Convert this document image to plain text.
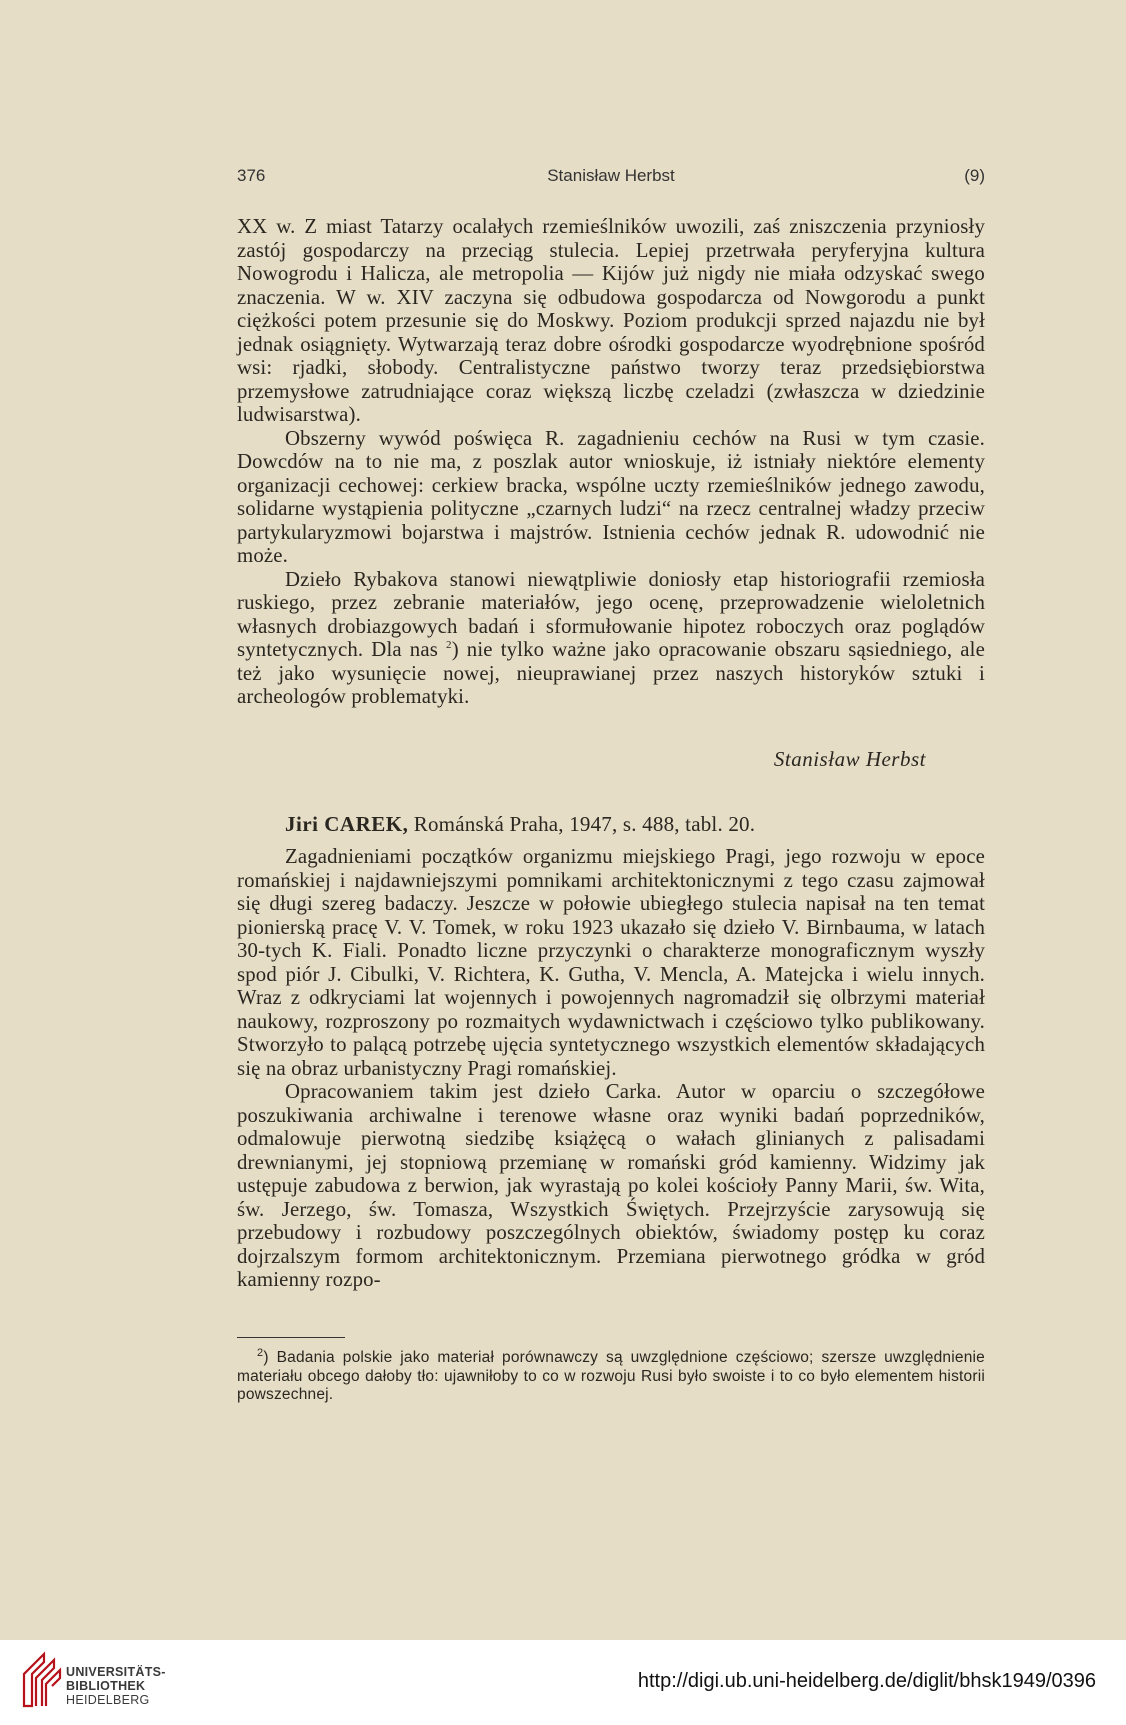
376	Stanisław Herbst	(9)

XX w. Z miast Tatarzy ocalałych rzemieślników uwozili, zaś zniszczenia przyniosły zastój gospodarczy na przeciąg stulecia. Lepiej przetrwała peryferyjna kultura Nowogrodu i Halicza, ale metropolia — Kijów już nigdy nie miała odzyskać swego znaczenia. W w. XIV zaczyna się odbudowa gospodarcza od Nowgorodu a punkt ciężkości potem przesunie się do Moskwy. Poziom produkcji sprzed najazdu nie był jednak osiągnięty. Wytwarzają teraz dobre ośrodki gospodarcze wyodrębnione spośród wsi: rjadki, słobody. Centralistyczne państwo tworzy teraz przedsiębiorstwa przemysłowe zatrudniające coraz większą liczbę czeladzi (zwłaszcza w dziedzinie ludwisarstwa).

Obszerny wywód poświęca R. zagadnieniu cechów na Rusi w tym czasie. Dowcdów na to nie ma, z poszlak autor wnioskuje, iż istniały niektóre elementy organizacji cechowej: cerkiew bracka, wspólne uczty rzemieślników jednego zawodu, solidarne wystąpienia polityczne „czarnych ludzi“ na rzecz centralnej władzy przeciw partykularyzmowi bojarstwa i majstrów. Istnienia cechów jednak R. udowodnić nie może.

Dzieło Rybakova stanowi niewątpliwie doniosły etap historiografii rzemiosła ruskiego, przez zebranie materiałów, jego ocenę, przeprowadzenie wieloletnich własnych drobiazgowych badań i sformułowanie hipotez roboczych oraz poglądów syntetycznych. Dla nas $^2$) nie tylko ważne jako opracowanie obszaru sąsiedniego, ale też jako wysunięcie nowej, nieuprawianej przez naszych historyków sztuki i archeologów problematyki.

Stanisław Herbst
Jiri CAREK, Románská Praha, 1947, s. 488, tabl. 20.

Zagadnieniami początków organizmu miejskiego Pragi, jego rozwoju w epoce romańskiej i najdawniejszymi pomnikami architektonicznymi z tego czasu zajmował się długi szereg badaczy. Jeszcze w połowie ubiegłego stulecia napisał na ten temat pionierską pracę V. V. Tomek, w roku 1923 ukazało się dzieło V. Birnbauma, w latach 30-tych K. Fiali. Ponadto liczne przyczynki o charakterze monograficznym wyszły spod piór J. Cibulki, V. Richtera, K. Gutha, V. Mencla, A. Matejcka i wielu innych. Wraz z odkryciami lat wojennych i powojennych nagromadził się olbrzymi materiał naukowy, rozproszony po rozmaitych wydawnictwach i częściowo tylko publikowany. Stworzyło to palącą potrzebę ujęcia syntetycznego wszystkich elementów składających się na obraz urbanistyczny Pragi romańskiej.

Opracowaniem takim jest dzieło Carka. Autor w oparciu o szczegółowe poszukiwania archiwalne i terenowe własne oraz wyniki badań poprzedników, odmalowuje pierwotną siedzibę książęcą o wałach glinianych z palisadami drewnianymi, jej stopniową przemianę w romański gród kamienny. Widzimy jak ustępuje zabudowa z berwion, jak wyrastają po kolei kościoły Panny Marii, św. Wita, św. Jerzego, św. Tomasza, Wszystkich Świętych. Przejrzyście zarysowują się przebudowy i rozbudowy poszczególnych obiektów, świadomy postęp ku coraz dojrzalszym formom architektonicznym. Przemiana pierwotnego gródka w gród kamienny rozpo-

$^2$) Badania polskie jako materiał porównawczy są uwzględnione częściowo; szersze uwzględnienie materiału obcego dałoby tło: ujawniłoby to co w rozwoju Rusi było swoiste i to co było elementem historii powszechnej.

UNIVERSITÄTS-
BIBLIOTHEK
HEIDELBERG
http://digi.ub.uni-heidelberg.de/diglit/bhsk1949/0396
